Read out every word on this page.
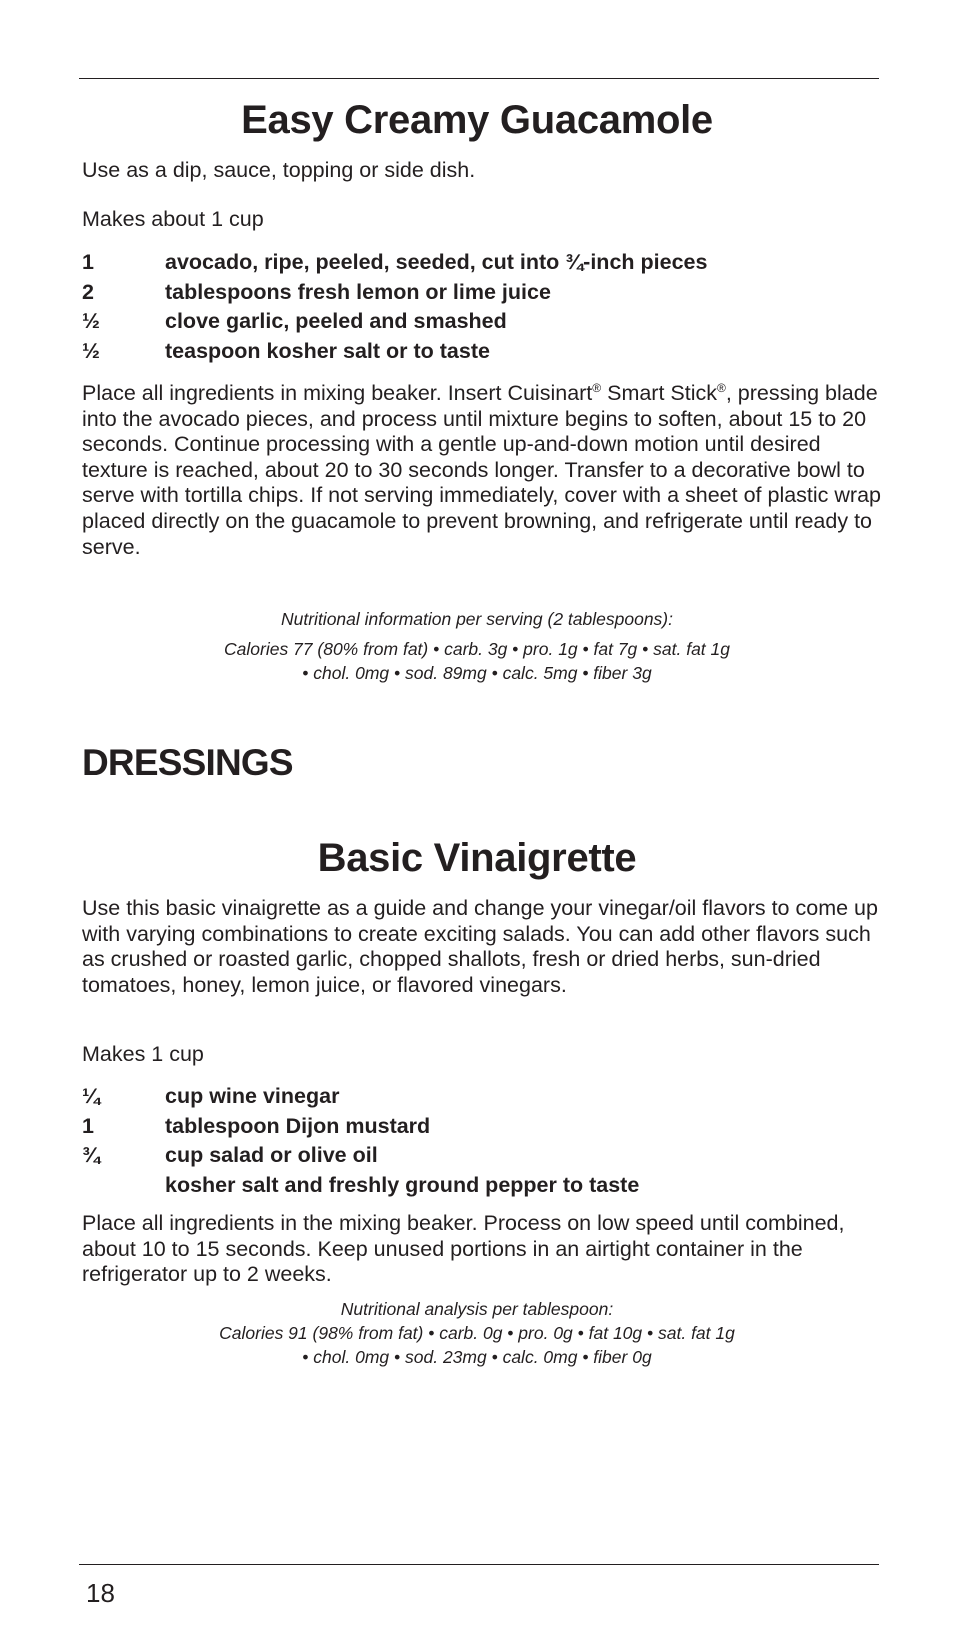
Easy Creamy Guacamole

Use as a dip, sauce, topping or side dish.

Makes about 1 cup

1	avocado, ripe, peeled, seeded, cut into ¾-inch pieces
2	tablespoons fresh lemon or lime juice
½	clove garlic, peeled and smashed
½	teaspoon kosher salt or to taste

Place all ingredients in mixing beaker. Insert Cuisinart® Smart Stick®, pressing blade into the avocado pieces, and process until mixture begins to soften, about 15 to 20 seconds. Continue processing with a gentle up-and-down motion until desired texture is reached, about 20 to 30 seconds longer. Transfer to a decorative bowl to serve with tortilla chips. If not serving immediately, cover with a sheet of plastic wrap placed directly on the guacamole to prevent browning, and refrigerate until ready to serve.

Nutritional information per serving (2 tablespoons):

Calories 77 (80% from fat) • carb. 3g • pro. 1g • fat 7g • sat. fat 1g

• chol. 0mg • sod. 89mg • calc. 5mg • fiber 3g

DRESSINGS
Basic Vinaigrette

Use this basic vinaigrette as a guide and change your vinegar/oil flavors to come up with varying combinations to create exciting salads. You can add other flavors such as crushed or roasted garlic, chopped shallots, fresh or dried herbs, sun-dried tomatoes, honey, lemon juice, or flavored vinegars.

Makes 1 cup

¼	cup wine vinegar
1	tablespoon Dijon mustard
¾	cup salad or olive oil
kosher salt and freshly ground pepper to taste

Place all ingredients in the mixing beaker. Process on low speed until combined, about 10 to 15 seconds. Keep unused portions in an airtight container in the refrigerator up to 2 weeks.

Nutritional analysis per tablespoon:

Calories 91 (98% from fat) • carb. 0g • pro. 0g • fat 10g • sat. fat 1g

• chol. 0mg • sod. 23mg • calc. 0mg • fiber 0g

18
